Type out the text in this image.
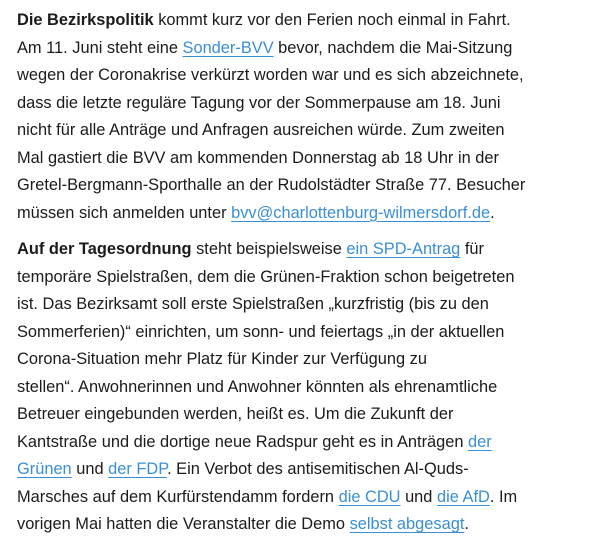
Die Bezirkspolitik kommt kurz vor den Ferien noch einmal in Fahrt.
Am 11. Juni steht eine Sonder-BVV bevor, nachdem die Mai-Sitzung
wegen der Coronakrise verkürzt worden war und es sich abzeichnete,
dass die letzte reguläre Tagung vor der Sommerpause am 18. Juni
nicht für alle Anträge und Anfragen ausreichen würde. Zum zweiten
Mal gastiert die BVV am kommenden Donnerstag ab 18 Uhr in der
Gretel-Bergmann-Sporthalle an der Rudolstädter Straße 77. Besucher
müssen sich anmelden unter bvv@charlottenburg-wilmersdorf.de.

Auf der Tagesordnung steht beispielsweise ein SPD-Antrag für
temporäre Spielstraßen, dem die Grünen-Fraktion schon beigetreten
ist. Das Bezirksamt soll erste Spielstraßen „kurzfristig (bis zu den
Sommerferien)“ einrichten, um sonn- und feiertags „in der aktuellen
Corona-Situation mehr Platz für Kinder zur Verfügung zu
stellen“. Anwohnerinnen und Anwohner könnten als ehrenamtliche
Betreuer eingebunden werden, heißt es. Um die Zukunft der
Kantstraße und die dortige neue Radspur geht es in Anträgen der
Grünen und der FDP. Ein Verbot des antisemitischen Al-Quds-
Marsches auf dem Kurfürstendamm fordern die CDU und die AfD. Im
vorigen Mai hatten die Veranstalter die Demo selbst abgesagt.
